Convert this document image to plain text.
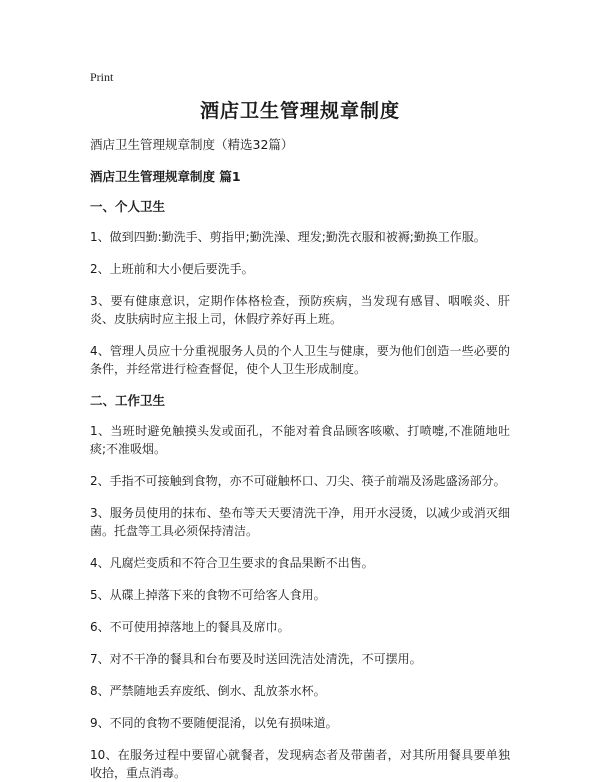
Print
酒店卫生管理规章制度
酒店卫生管理规章制度（精选32篇）
酒店卫生管理规章制度 篇1
一、个人卫生
1、做到四勤:勤洗手、剪指甲;勤洗澡、理发;勤洗衣服和被褥;勤换工作服。
2、上班前和大小便后要洗手。
3、要有健康意识，定期作体格检查，预防疾病，当发现有感冒、咽喉炎、肝炎、皮肤病时应主报上司，休假疗养好再上班。
4、管理人员应十分重视服务人员的个人卫生与健康，要为他们创造一些必要的条件，并经常进行检查督促，使个人卫生形成制度。
二、工作卫生
1、当班时避免触摸头发或面孔，不能对着食品顾客咳嗽、打喷嚏,不准随地吐痰;不准吸烟。
2、手指不可接触到食物，亦不可碰触杯口、刀尖、筷子前端及汤匙盛汤部分。
3、服务员使用的抹布、垫布等天天要清洗干净，用开水浸烫，以减少或消灭细菌。托盘等工具必须保持清洁。
4、凡腐烂变质和不符合卫生要求的食品果断不出售。
5、从碟上掉落下来的食物不可给客人食用。
6、不可使用掉落地上的餐具及席巾。
7、对不干净的餐具和台布要及时送回洗洁处清洗，不可摆用。
8、严禁随地丢弃废纸、倒水、乱放茶水杯。
9、不同的食物不要随便混淆，以免有损味道。
10、在服务过程中要留心就餐者，发现病态者及带菌者，对其所用餐具要单独收拾，重点消毒。
